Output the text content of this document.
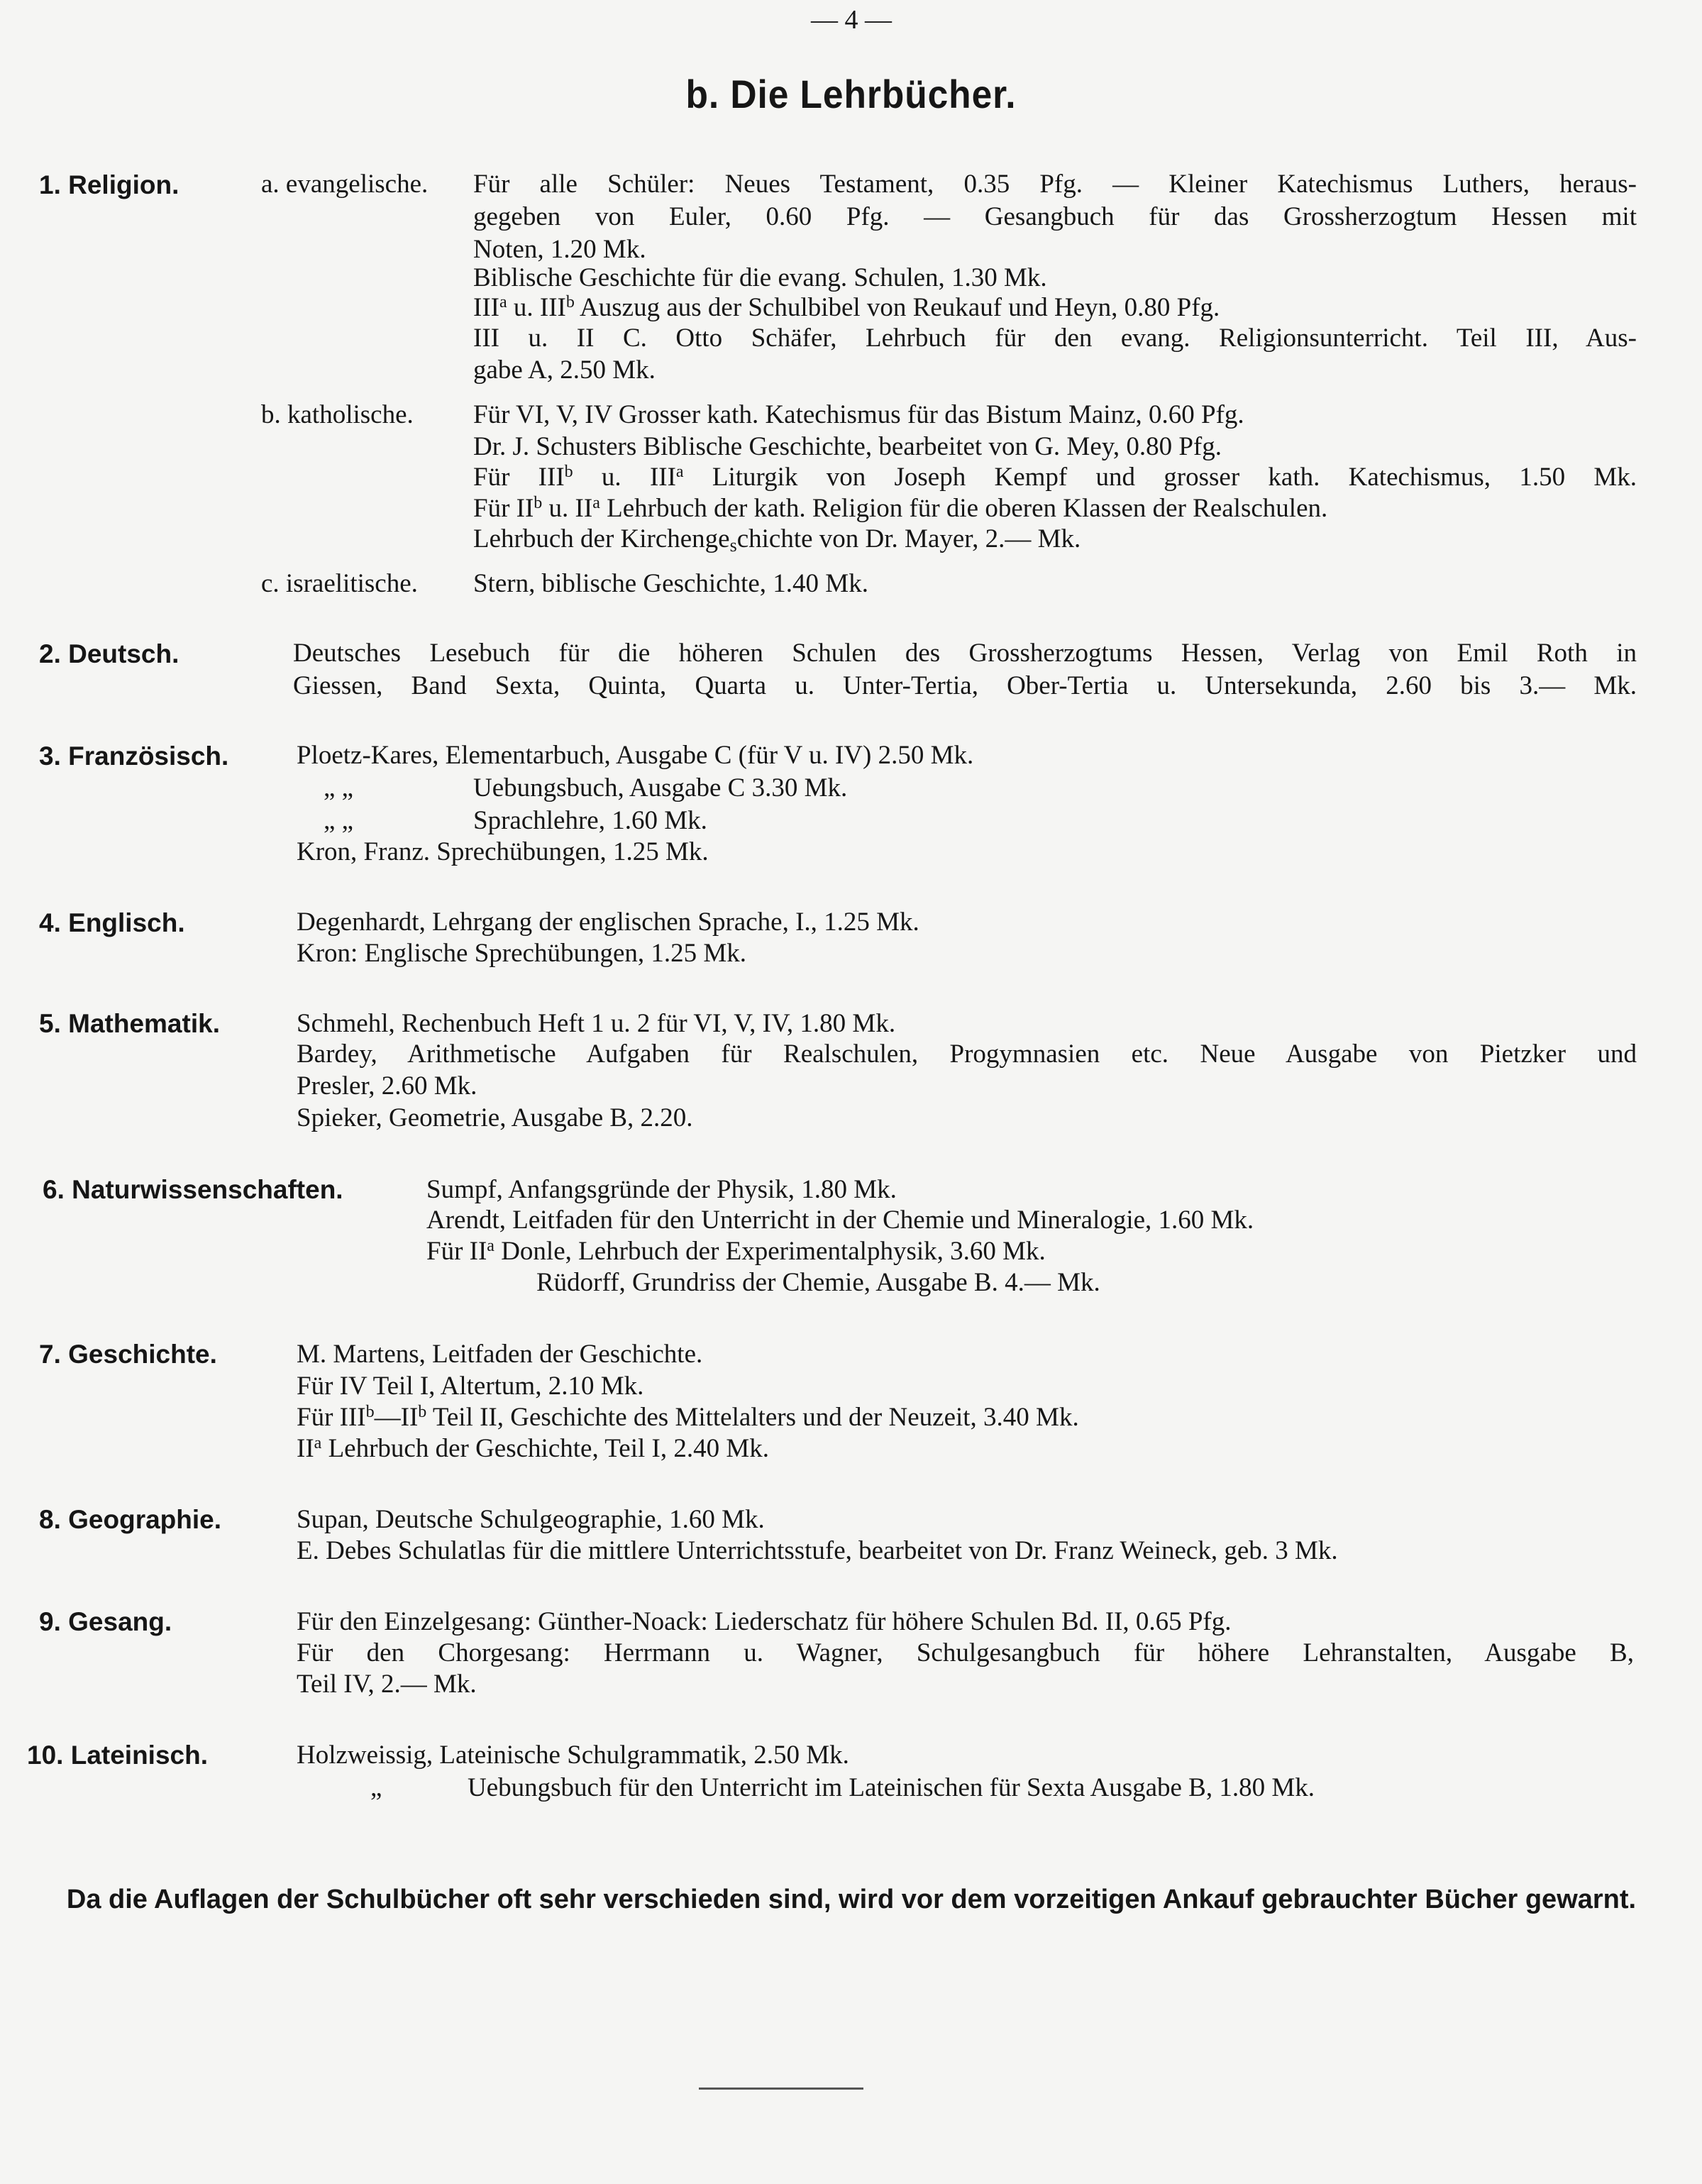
— 4 —
b. Die Lehrbücher.
1. Religion.	a. evangelische. Für alle Schüler: Neues Testament, 0.35 Pfg. — Kleiner Katechismus Luthers, heraus-
gegeben von Euler, 0.60 Pfg. — Gesangbuch für das Grossherzogtum Hessen mit
Noten, 1.20 Mk.
Biblische Geschichte für die evang. Schulen, 1.30 Mk.
III$^a$ u. III$^b$ Auszug aus der Schulbibel von Reukauf und Heyn, 0.80 Pfg.
III u. II C. Otto Schäfer, Lehrbuch für den evang. Religionsunterricht. Teil III, Aus-
gabe A, 2.50 Mk.
b. katholische. Für VI, V, IV Grosser kath. Katechismus für das Bistum Mainz, 0.60 Pfg.
Dr. J. Schusters Biblische Geschichte, bearbeitet von G. Mey, 0.80 Pfg.
Für III$^b$ u. III$^a$ Liturgik von Joseph Kempf und grosser kath. Katechismus, 1.50 Mk.
Für $II^b$ u. $II^a$ Lehrbuch der kath. Religion für die oberen Klassen der Realschulen.
Lehrbuch der Kirchengeschichte von Dr. Mayer, 2.— Mk.
c. israelitische. Stern, biblische Geschichte, 1.40 Mk.
2. Deutsch.	Deutsches Lesebuch für die höheren Schulen des Grossherzogtums Hessen, Verlag von Emil Roth in
Giessen, Band Sexta, Quinta, Quarta u. Unter-Tertia, Ober-Tertia u. Untersekunda, 2.60 bis 3.— Mk.
3. Französisch.	Ploetz-Kares, Elementarbuch, Ausgabe C (für V u. IV) 2.50 Mk.
„ „	Uebungsbuch, Ausgabe C 3.30 Mk.
„ „	Sprachlehre, 1.60 Mk.
Kron, Franz. Sprechübungen, 1.25 Mk.
4. Englisch.	Degenhardt, Lehrgang der englischen Sprache, I., 1.25 Mk.
Kron: Englische Sprechübungen, 1.25 Mk.
5. Mathematik.	Schmehl, Rechenbuch Heft 1 u. 2 für VI, V, IV, 1.80 Mk.
Bardey, Arithmetische Aufgaben für Realschulen, Progymnasien etc. Neue Ausgabe von Pietzker und
Presler, 2.60 Mk.
Spieker, Geometrie, Ausgabe B, 2.20.
6. Naturwissenschaften.	Sumpf, Anfangsgründe der Physik, 1.80 Mk.
Arendt, Leitfaden für den Unterricht in der Chemie und Mineralogie, 1.60 Mk.
Für $II^a$ Donle, Lehrbuch der Experimentalphysik, 3.60 Mk.
Rüdorff, Grundriss der Chemie, Ausgabe B. 4.— Mk.
7. Geschichte.	M. Martens, Leitfaden der Geschichte.
Für IV Teil I, Altertum, 2.10 Mk.
Für $III^b—II^b$ Teil II, Geschichte des Mittelalters und der Neuzeit, 3.40 Mk.
$II^a$ Lehrbuch der Geschichte, Teil I, 2.40 Mk.
8. Geographie.	Supan, Deutsche Schulgeographie, 1.60 Mk.
E. Debes Schulatlas für die mittlere Unterrichtsstufe, bearbeitet von Dr. Franz Weineck, geb. 3 Mk.
9. Gesang.	Für den Einzelgesang: Günther-Noack: Liederschatz für höhere Schulen Bd. II, 0.65 Pfg.
Für den Chorgesang: Herrmann u. Wagner, Schulgesangbuch für höhere Lehranstalten, Ausgabe B,
Teil IV, 2.— Mk.
10. Lateinisch.	Holzweissig, Lateinische Schulgrammatik, 2.50 Mk.
„	Uebungsbuch für den Unterricht im Lateinischen für Sexta Ausgabe B, 1.80 Mk.
Da die Auflagen der Schulbücher oft sehr verschieden sind, wird vor dem vorzeitigen Ankauf gebrauchter Bücher gewarnt.
